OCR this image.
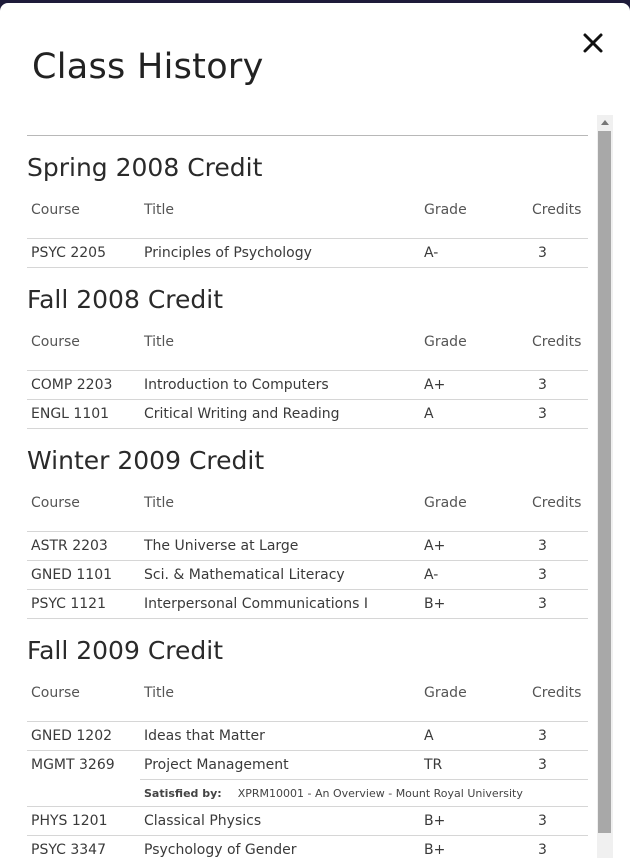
Class History
Spring 2008 Credit
Course	Title	Grade	Credits
PSYC 2205	Principles of Psychology	A-	3
Fall 2008 Credit
Course	Title	Grade	Credits
COMP 2203	Introduction to Computers	A+	3
ENGL 1101	Critical Writing and Reading	A	3
Winter 2009 Credit
Course	Title	Grade	Credits
ASTR 2203	The Universe at Large	A+	3
GNED 1101	Sci. & Mathematical Literacy	A-	3
PSYC 1121	Interpersonal Communications I	B+	3
Fall 2009 Credit
Course	Title	Grade	Credits
GNED 1202	Ideas that Matter	A	3
MGMT 3269	Project Management	TR	3
	Satisfied by: XPRM10001 - An Overview - Mount Royal University		
PHYS 1201	Classical Physics	B+	3
PSYC 3347	Psychology of Gender	B+	3
